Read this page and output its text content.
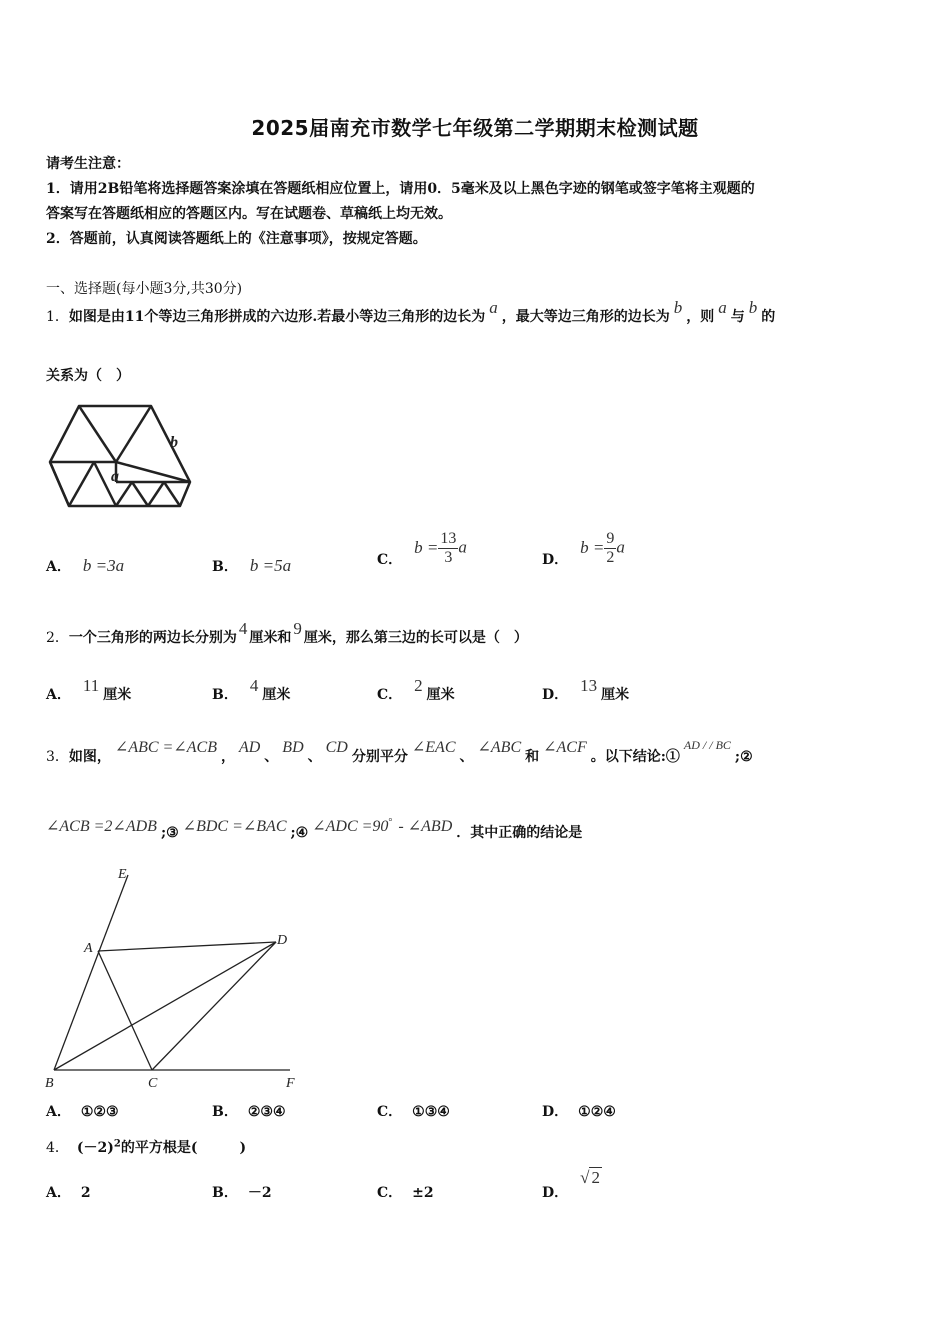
2025届南充市数学七年级第二学期期末检测试题
请考生注意：
1．请用2B铅笔将选择题答案涂填在答题纸相应位置上，请用0．5毫米及以上黑色字迹的钢笔或签字笔将主观题的
答案写在答题纸相应的答题区内。写在试题卷、草稿纸上均无效。
2．答题前，认真阅读答题纸上的《注意事项》，按规定答题。
一、选择题(每小题3分,共30分)
1．如图是由11个等边三角形拼成的六边形.若最小等边三角形的边长为 a ，最大等边三角形的边长为 b ，则 a 与 b 的
关系为（　）
b
a
A． b =3a	B． b =5a	C．$b = \frac{13}{3}$ a
D．$b = \frac{9}{2}$ a
2．一个三角形的两边长分别为 4 厘米和 9 厘米，那么第三边的长可以是（　）
A． 11 厘米	B． 4 厘米	C． 2 厘米	D． 13 厘米
3．如图，∠ABC =∠ACB，AD、BD、CD分别平分∠EAC、∠ABC和∠ACF。以下结论:①AD / / BC;②
∠ACB =2∠ADB ;③ ∠BDC =∠BAC ;④ ∠ADC =90° - ∠ABD ．其中正确的结论是
E
A
D
B	C	F
A． ①②③	B． ②③④	C． ①③④	D． ①②④
4． $(-2)^2$的平方根是(　　　)
A． 2	B． －2	C． ±2	D．√ 2
